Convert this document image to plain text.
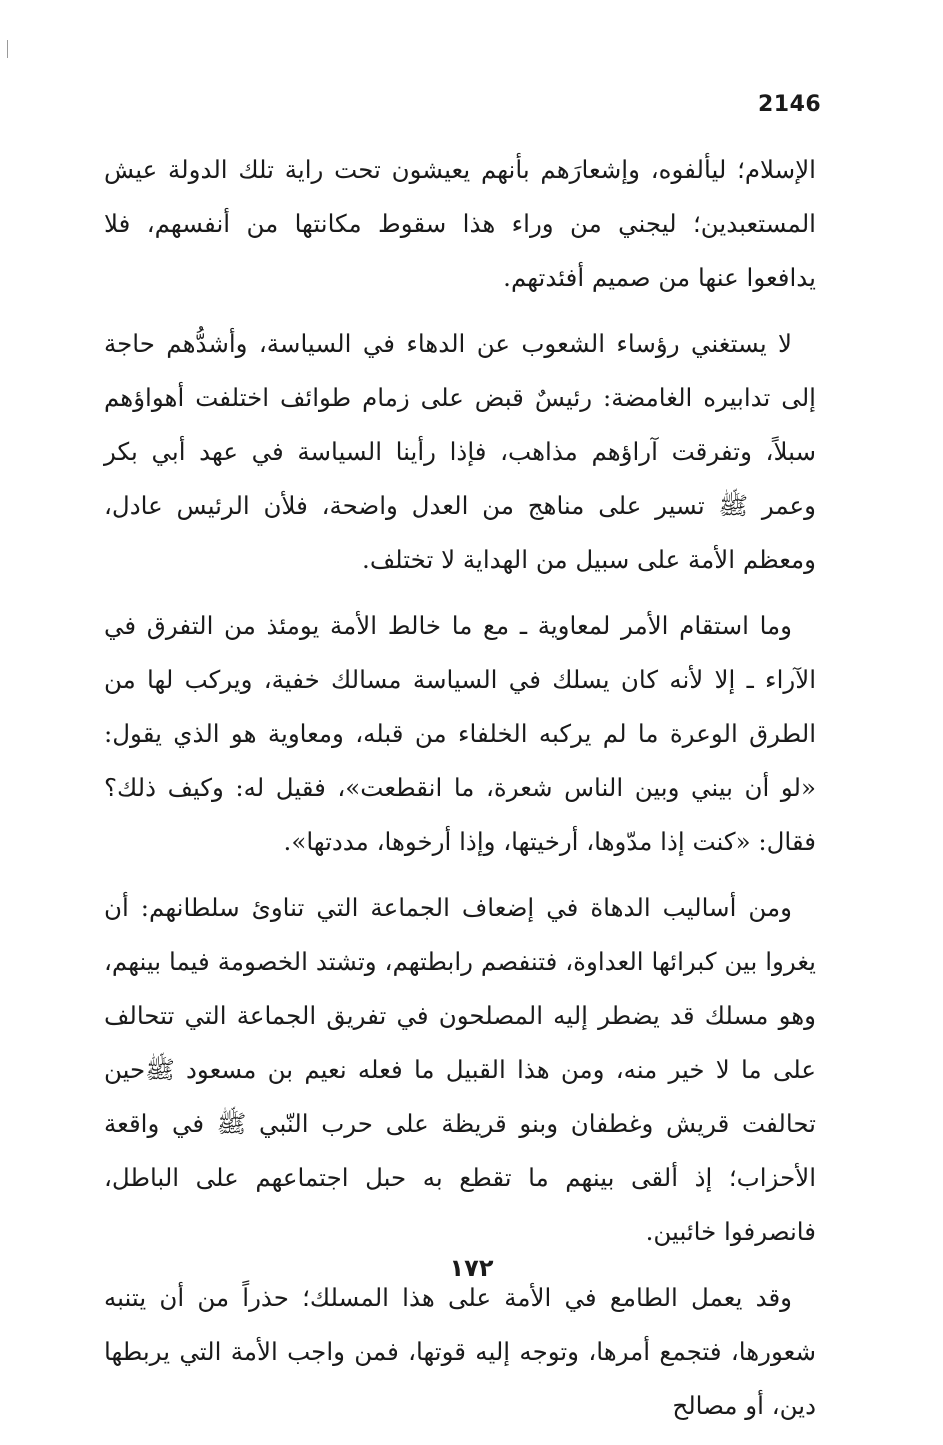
2146

الإسلام؛ ليألفوه، وإشعارَهم بأنهم يعيشون تحت راية تلك الدولة عيش المستعبدين؛ ليجني من وراء هذا سقوط مكانتها من أنفسهم، فلا يدافعوا عنها من صميم أفئدتهم.

لا يستغني رؤساء الشعوب عن الدهاء في السياسة، وأشدُّهم حاجة إلى تدابيره الغامضة: رئيسٌ قبض على زمام طوائف اختلفت أهواؤهم سبلاً، وتفرقت آراؤهم مذاهب، فإذا رأينا السياسة في عهد أبي بكر وعمر ﷺ تسير على مناهج من العدل واضحة، فلأن الرئيس عادل، ومعظم الأمة على سبيل من الهداية لا تختلف.

وما استقام الأمر لمعاوية ـ مع ما خالط الأمة يومئذ من التفرق في الآراء ـ إلا لأنه كان يسلك في السياسة مسالك خفية، ويركب لها من الطرق الوعرة ما لم يركبه الخلفاء من قبله، ومعاوية هو الذي يقول: «لو أن بيني وبين الناس شعرة، ما انقطعت»، فقيل له: وكيف ذلك؟ فقال: «كنت إذا مدّوها، أرخيتها، وإذا أرخوها، مددتها».

ومن أساليب الدهاة في إضعاف الجماعة التي تناوئ سلطانهم: أن يغروا بين كبرائها العداوة، فتنفصم رابطتهم، وتشتد الخصومة فيما بينهم، وهو مسلك قد يضطر إليه المصلحون في تفريق الجماعة التي تتحالف على ما لا خير منه، ومن هذا القبيل ما فعله نعيم بن مسعود ﷺحين تحالفت قريش وغطفان وبنو قريظة على حرب النّبي ﷺ في واقعة الأحزاب؛ إذ ألقى بينهم ما تقطع به حبل اجتماعهم على الباطل، فانصرفوا خائبين.

وقد يعمل الطامع في الأمة على هذا المسلك؛ حذراً من أن يتنبه شعورها، فتجمع أمرها، وتوجه إليه قوتها، فمن واجب الأمة التي يربطها دين، أو مصالح

١٧٢
